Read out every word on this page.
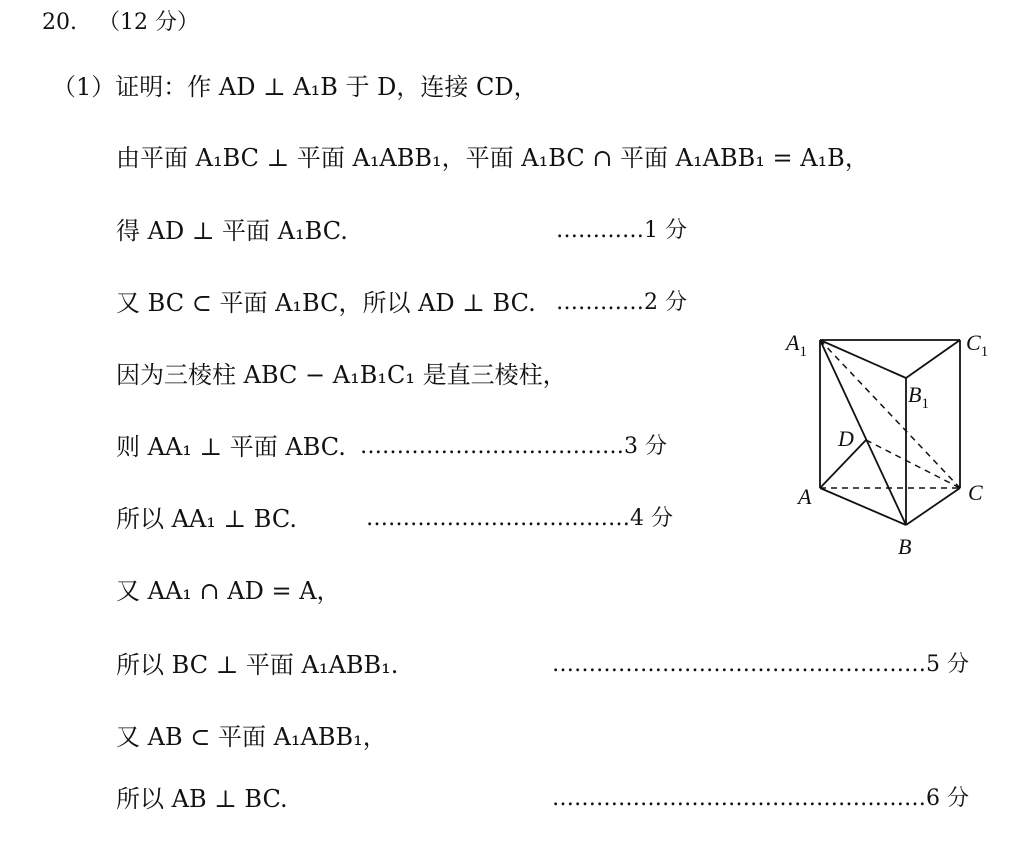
20. （12 分）
（1）证明：作 AD ⊥ A₁B 于 D，连接 CD，
由平面 A₁BC ⊥ 平面 A₁ABB₁，平面 A₁BC ∩ 平面 A₁ABB₁ = A₁B，
得 AD ⊥ 平面 A₁BC.	…………1 分
又 BC ⊂ 平面 A₁BC，所以 AD ⊥ BC. …………2 分
因为三棱柱 ABC − A₁B₁C₁ 是直三棱柱，
则 AA₁ ⊥ 平面 ABC. ………………………………3 分
所以 AA₁ ⊥ BC.	………………………………4 分
又 AA₁ ∩ AD = A，
所以 BC ⊥ 平面 A₁ABB₁.	……………………………………………5 分
又 AB ⊂ 平面 A₁ABB₁，
所以 AB ⊥ BC.	……………………………………………6 分
$A_1$	$C_1$
$B_1$
D
A	C
B
